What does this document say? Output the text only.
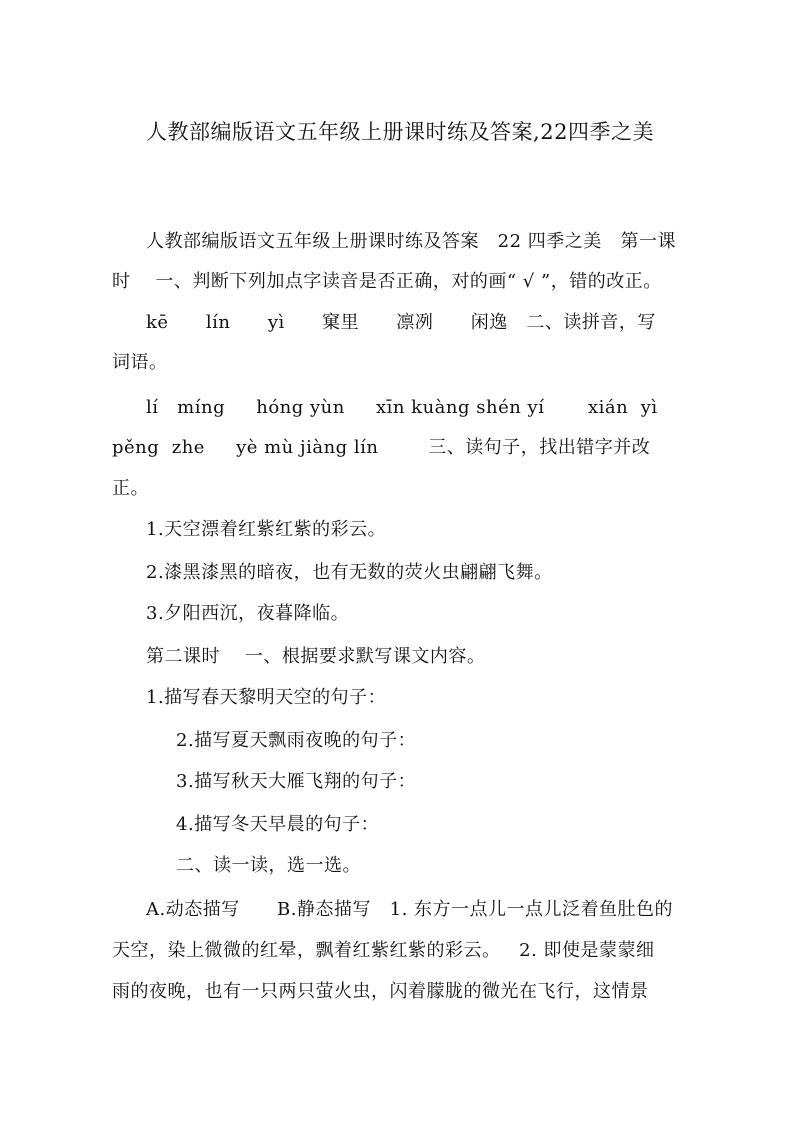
人教部编版语文五年级上册课时练及答案,22四季之美
人教部编版语文五年级上册课时练及答案   22 四季之美   第一课
时    一、判断下列加点字读音是否正确，对的画“ √ ”，错的改正。
kē      lín      yì      窠里      凛冽      闲逸   二、读拼音，写
词语。
lí   míng     hóng yùn     xīn kuàng shén yí       xián  yì
pěng  zhe     yè mù jiàng lín        三、读句子，找出错字并改
正。
1.天空漂着红紫红紫的彩云。
2.漆黑漆黑的暗夜，也有无数的荧火虫翩翩飞舞。
3.夕阳西沉，夜暮降临。
第二课时    一、根据要求默写课文内容。
1.描写春天黎明天空的句子：
2.描写夏天飘雨夜晚的句子：
3.描写秋天大雁飞翔的句子：
4.描写冬天早晨的句子：
二、读一读，选一选。
A.动态描写      B.静态描写   1. 东方一点儿一点儿泛着鱼肚色的
天空，染上微微的红晕，飘着红紫红紫的彩云。   2. 即使是蒙蒙细
雨的夜晚，也有一只两只萤火虫，闪着朦胧的微光在飞行，这情景
